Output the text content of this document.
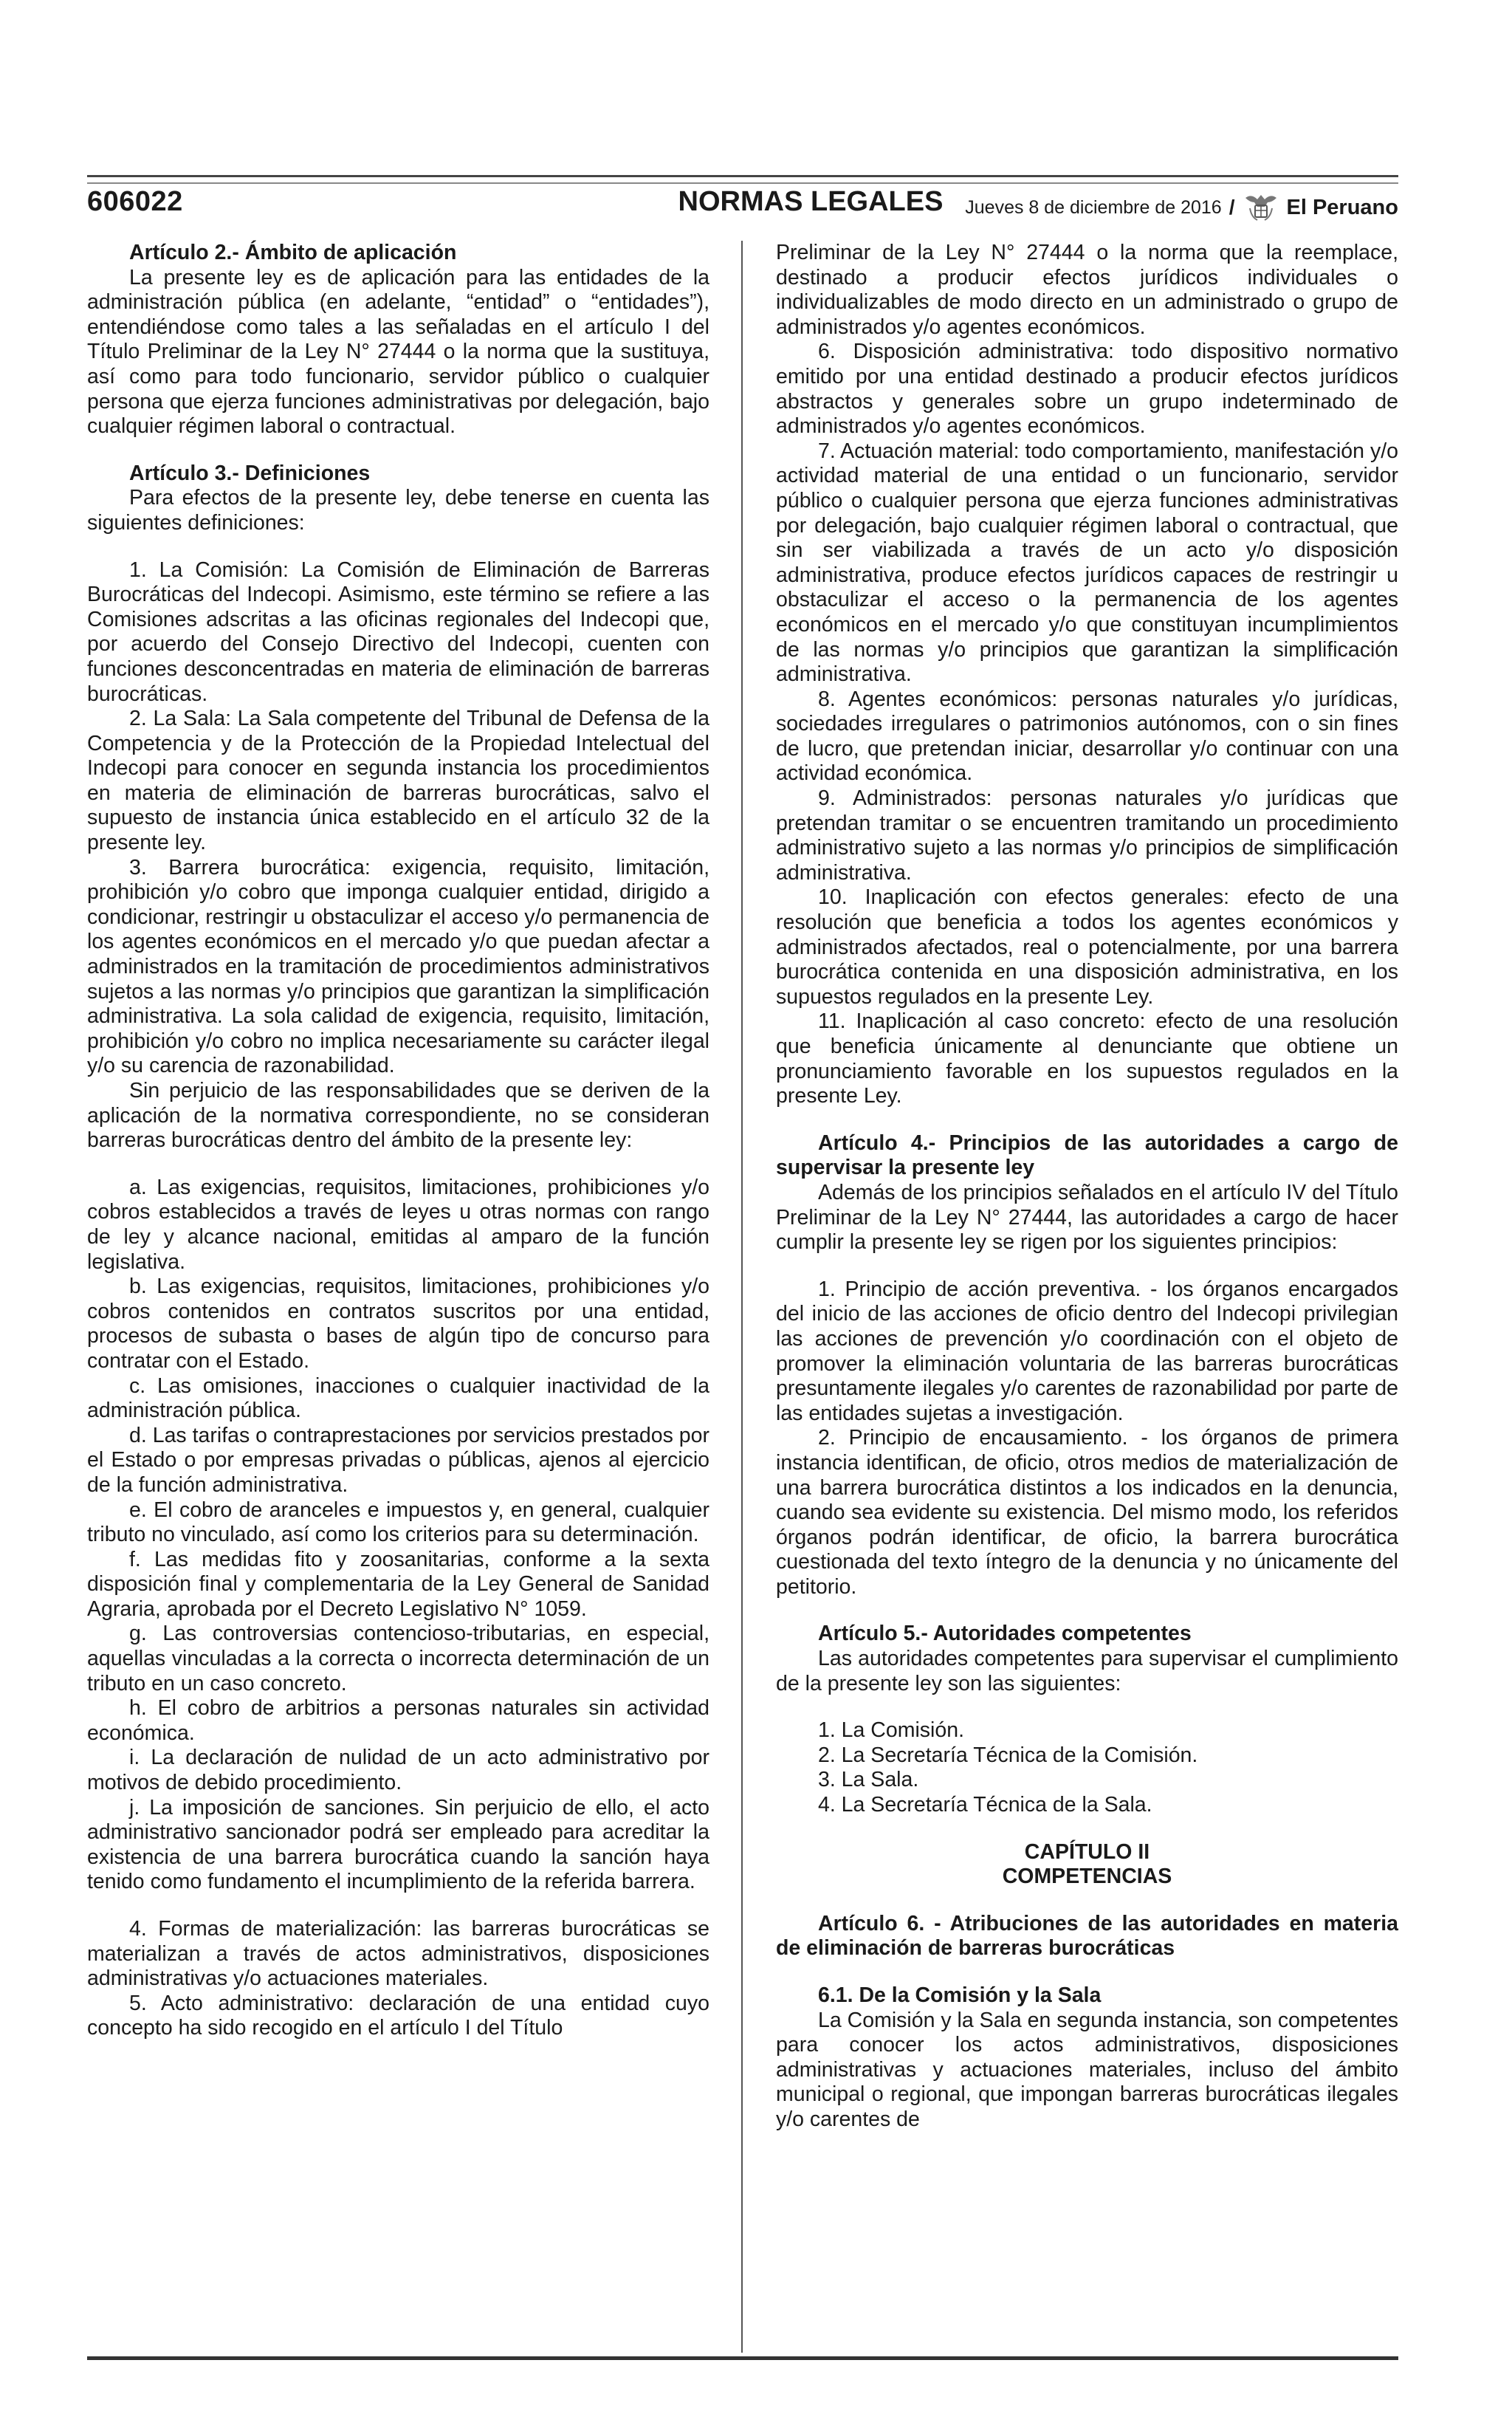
606022	NORMAS LEGALES	Jueves 8 de diciembre de 2016 / El Peruano

Artículo 2.- Ámbito de aplicación

La presente ley es de aplicación para las entidades de la administración pública (en adelante, “entidad” o “entidades”), entendiéndose como tales a las señaladas en el artículo I del Título Preliminar de la Ley N° 27444 o la norma que la sustituya, así como para todo funcionario, servidor público o cualquier persona que ejerza funciones administrativas por delegación, bajo cualquier régimen laboral o contractual.

Artículo 3.- Definiciones

Para efectos de la presente ley, debe tenerse en cuenta las siguientes definiciones:

1. La Comisión: La Comisión de Eliminación de Barreras Burocráticas del Indecopi. Asimismo, este término se refiere a las Comisiones adscritas a las oficinas regionales del Indecopi que, por acuerdo del Consejo Directivo del Indecopi, cuenten con funciones desconcentradas en materia de eliminación de barreras burocráticas.

2. La Sala: La Sala competente del Tribunal de Defensa de la Competencia y de la Protección de la Propiedad Intelectual del Indecopi para conocer en segunda instancia los procedimientos en materia de eliminación de barreras burocráticas, salvo el supuesto de instancia única establecido en el artículo 32 de la presente ley.

3. Barrera burocrática: exigencia, requisito, limitación, prohibición y/o cobro que imponga cualquier entidad, dirigido a condicionar, restringir u obstaculizar el acceso y/o permanencia de los agentes económicos en el mercado y/o que puedan afectar a administrados en la tramitación de procedimientos administrativos sujetos a las normas y/o principios que garantizan la simplificación administrativa. La sola calidad de exigencia, requisito, limitación, prohibición y/o cobro no implica necesariamente su carácter ilegal y/o su carencia de razonabilidad.

Sin perjuicio de las responsabilidades que se deriven de la aplicación de la normativa correspondiente, no se consideran barreras burocráticas dentro del ámbito de la presente ley:

a. Las exigencias, requisitos, limitaciones, prohibiciones y/o cobros establecidos a través de leyes u otras normas con rango de ley y alcance nacional, emitidas al amparo de la función legislativa.

b. Las exigencias, requisitos, limitaciones, prohibiciones y/o cobros contenidos en contratos suscritos por una entidad, procesos de subasta o bases de algún tipo de concurso para contratar con el Estado.

c. Las omisiones, inacciones o cualquier inactividad de la administración pública.

d. Las tarifas o contraprestaciones por servicios prestados por el Estado o por empresas privadas o públicas, ajenos al ejercicio de la función administrativa.

e. El cobro de aranceles e impuestos y, en general, cualquier tributo no vinculado, así como los criterios para su determinación.

f. Las medidas fito y zoosanitarias, conforme a la sexta disposición final y complementaria de la Ley General de Sanidad Agraria, aprobada por el Decreto Legislativo N° 1059.

g. Las controversias contencioso-tributarias, en especial, aquellas vinculadas a la correcta o incorrecta determinación de un tributo en un caso concreto.

h. El cobro de arbitrios a personas naturales sin actividad económica.

i. La declaración de nulidad de un acto administrativo por motivos de debido procedimiento.

j. La imposición de sanciones. Sin perjuicio de ello, el acto administrativo sancionador podrá ser empleado para acreditar la existencia de una barrera burocrática cuando la sanción haya tenido como fundamento el incumplimiento de la referida barrera.

4. Formas de materialización: las barreras burocráticas se materializan a través de actos administrativos, disposiciones administrativas y/o actuaciones materiales.

5. Acto administrativo: declaración de una entidad cuyo concepto ha sido recogido en el artículo I del Título

Preliminar de la Ley N° 27444 o la norma que la reemplace, destinado a producir efectos jurídicos individuales o individualizables de modo directo en un administrado o grupo de administrados y/o agentes económicos.

6. Disposición administrativa: todo dispositivo normativo emitido por una entidad destinado a producir efectos jurídicos abstractos y generales sobre un grupo indeterminado de administrados y/o agentes económicos.

7. Actuación material: todo comportamiento, manifestación y/o actividad material de una entidad o un funcionario, servidor público o cualquier persona que ejerza funciones administrativas por delegación, bajo cualquier régimen laboral o contractual, que sin ser viabilizada a través de un acto y/o disposición administrativa, produce efectos jurídicos capaces de restringir u obstaculizar el acceso o la permanencia de los agentes económicos en el mercado y/o que constituyan incumplimientos de las normas y/o principios que garantizan la simplificación administrativa.

8. Agentes económicos: personas naturales y/o jurídicas, sociedades irregulares o patrimonios autónomos, con o sin fines de lucro, que pretendan iniciar, desarrollar y/o continuar con una actividad económica.

9. Administrados: personas naturales y/o jurídicas que pretendan tramitar o se encuentren tramitando un procedimiento administrativo sujeto a las normas y/o principios de simplificación administrativa.

10. Inaplicación con efectos generales: efecto de una resolución que beneficia a todos los agentes económicos y administrados afectados, real o potencialmente, por una barrera burocrática contenida en una disposición administrativa, en los supuestos regulados en la presente Ley.

11. Inaplicación al caso concreto: efecto de una resolución que beneficia únicamente al denunciante que obtiene un pronunciamiento favorable en los supuestos regulados en la presente Ley.

Artículo 4.- Principios de las autoridades a cargo de supervisar la presente ley

Además de los principios señalados en el artículo IV del Título Preliminar de la Ley N° 27444, las autoridades a cargo de hacer cumplir la presente ley se rigen por los siguientes principios:

1. Principio de acción preventiva. - los órganos encargados del inicio de las acciones de oficio dentro del Indecopi privilegian las acciones de prevención y/o coordinación con el objeto de promover la eliminación voluntaria de las barreras burocráticas presuntamente ilegales y/o carentes de razonabilidad por parte de las entidades sujetas a investigación.

2. Principio de encausamiento. - los órganos de primera instancia identifican, de oficio, otros medios de materialización de una barrera burocrática distintos a los indicados en la denuncia, cuando sea evidente su existencia. Del mismo modo, los referidos órganos podrán identificar, de oficio, la barrera burocrática cuestionada del texto íntegro de la denuncia y no únicamente del petitorio.

Artículo 5.- Autoridades competentes

Las autoridades competentes para supervisar el cumplimiento de la presente ley son las siguientes:

1. La Comisión.

2. La Secretaría Técnica de la Comisión.

3. La Sala.

4. La Secretaría Técnica de la Sala.

CAPÍTULO II

COMPETENCIAS

Artículo 6. - Atribuciones de las autoridades en materia de eliminación de barreras burocráticas

6.1. De la Comisión y la Sala

La Comisión y la Sala en segunda instancia, son competentes para conocer los actos administrativos, disposiciones administrativas y actuaciones materiales, incluso del ámbito municipal o regional, que impongan barreras burocráticas ilegales y/o carentes de
